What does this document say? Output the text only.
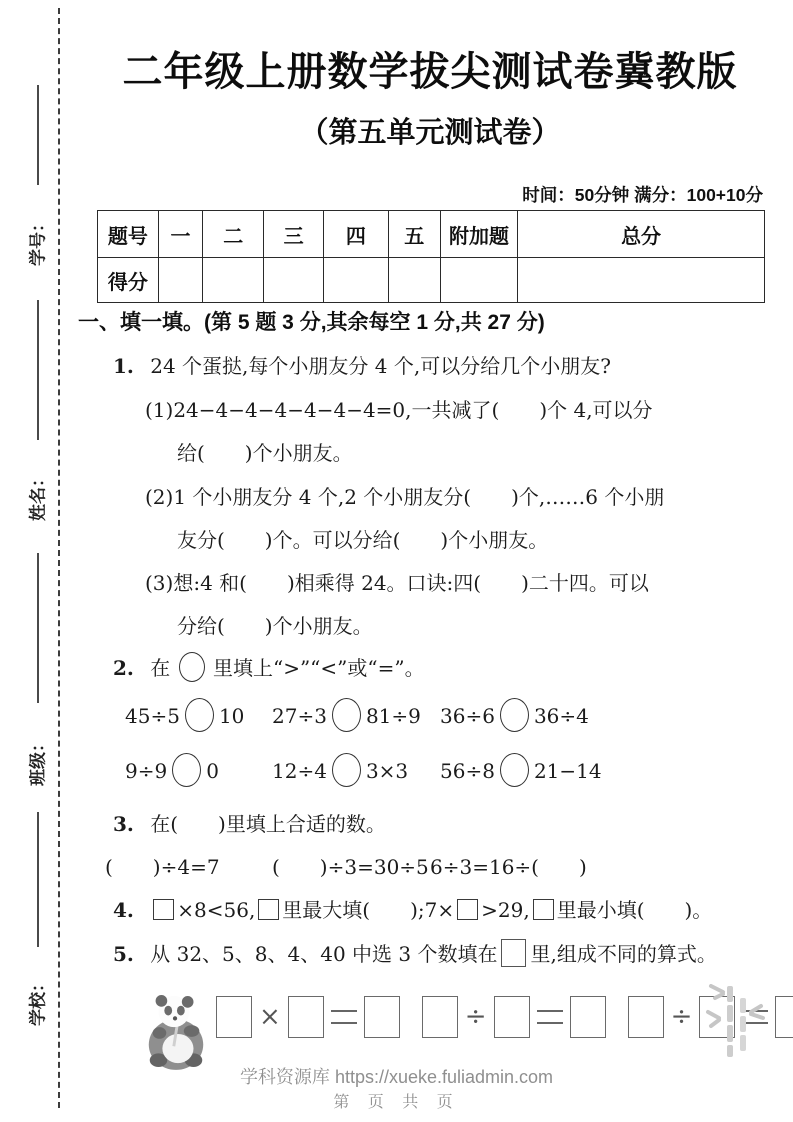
学号：
姓名：
班级：
学校：
二年级上册数学拔尖测试卷冀教版
（第五单元测试卷）
时间：50分钟 满分：100+10分
题号	一	二	三	四	五	附加题	总分
得分							
一、填一填。(第 5 题 3 分,其余每空 1 分,共 27 分)
1. 24 个蛋挞,每个小朋友分 4 个,可以分给几个小朋友?
(1)24−4−4−4−4−4−4=0,一共减了(　　)个 4,可以分
给(　　)个小朋友。
(2)1 个小朋友分 4 个,2 个小朋友分(　　)个,……6 个小朋
友分(　　)个。可以分给(　　)个小朋友。
(3)想:4 和(　　)相乘得 24。口诀:四(　　)二十四。可以
分给(　　)个小朋友。
2. 在 里填上“>”“<”或“=”。
45÷5 10 27÷3 81÷9 36÷6 36÷4
9÷9 0	12÷4 3×3 56÷8 21−14
3. 在(　　)里填上合适的数。
(　　)÷4=7	(　　)÷3=30÷5 6÷3=16÷(　　)
4. ×8<56, 里最大填(　　);7× >29, 里最小填(　　)。
5. 从 32、5、8、4、40 中选 3 个数填在 里,组成不同的算式。
×	÷	÷
学科资源库 https://xueke.fuliadmin.com
第 页 共 页
